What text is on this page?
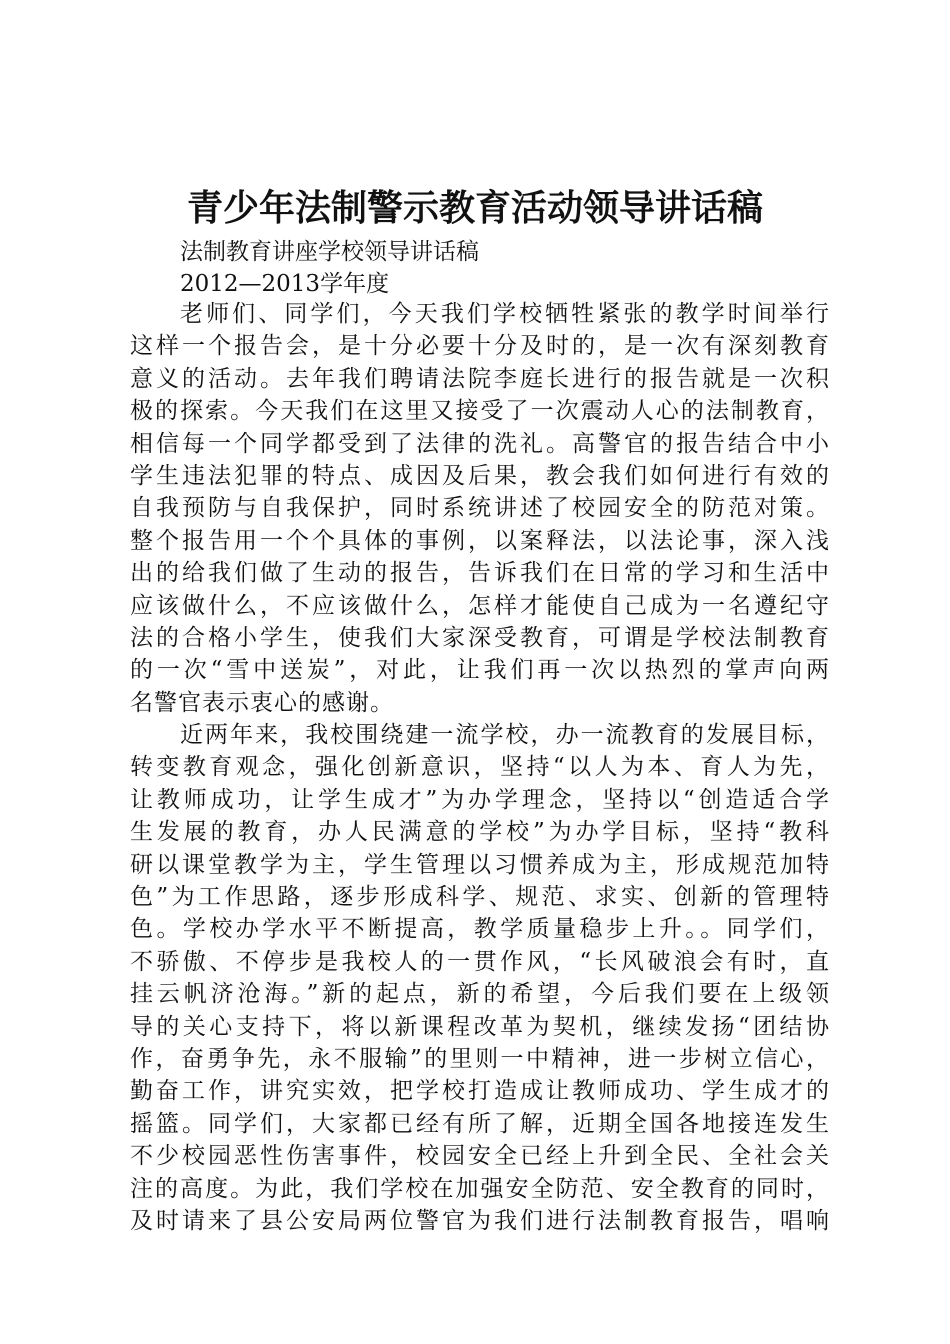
青少年法制警示教育活动领导讲话稿
法制教育讲座学校领导讲话稿
2012—2013学年度
老师们、同学们，今天我们学校牺牲紧张的教学时间举行
这样一个报告会，是十分必要十分及时的，是一次有深刻教育
意义的活动。去年我们聘请法院李庭长进行的报告就是一次积
极的探索。今天我们在这里又接受了一次震动人心的法制教育，
相信每一个同学都受到了法律的洗礼。高警官的报告结合中小
学生违法犯罪的特点、成因及后果，教会我们如何进行有效的
自我预防与自我保护，同时系统讲述了校园安全的防范对策。
整个报告用一个个具体的事例，以案释法，以法论事，深入浅
出的给我们做了生动的报告，告诉我们在日常的学习和生活中
应该做什么，不应该做什么，怎样才能使自己成为一名遵纪守
法的合格小学生，使我们大家深受教育，可谓是学校法制教育
的一次“雪中送炭”，对此，让我们再一次以热烈的掌声向两
名警官表示衷心的感谢。
近两年来，我校围绕建一流学校，办一流教育的发展目标，
转变教育观念，强化创新意识，坚持“以人为本、育人为先，
让教师成功，让学生成才”为办学理念，坚持以“创造适合学
生发展的教育，办人民满意的学校”为办学目标，坚持“教科
研以课堂教学为主，学生管理以习惯养成为主，形成规范加特
色”为工作思路，逐步形成科学、规范、求实、创新的管理特
色。学校办学水平不断提高，教学质量稳步上升。。同学们，
不骄傲、不停步是我校人的一贯作风，“长风破浪会有时，直
挂云帆济沧海。”新的起点，新的希望，今后我们要在上级领
导的关心支持下，将以新课程改革为契机，继续发扬“团结协
作，奋勇争先，永不服输”的里则一中精神，进一步树立信心，
勤奋工作，讲究实效，把学校打造成让教师成功、学生成才的
摇篮。同学们，大家都已经有所了解，近期全国各地接连发生
不少校园恶性伤害事件，校园安全已经上升到全民、全社会关
注的高度。为此，我们学校在加强安全防范、安全教育的同时，
及时请来了县公安局两位警官为我们进行法制教育报告，唱响
